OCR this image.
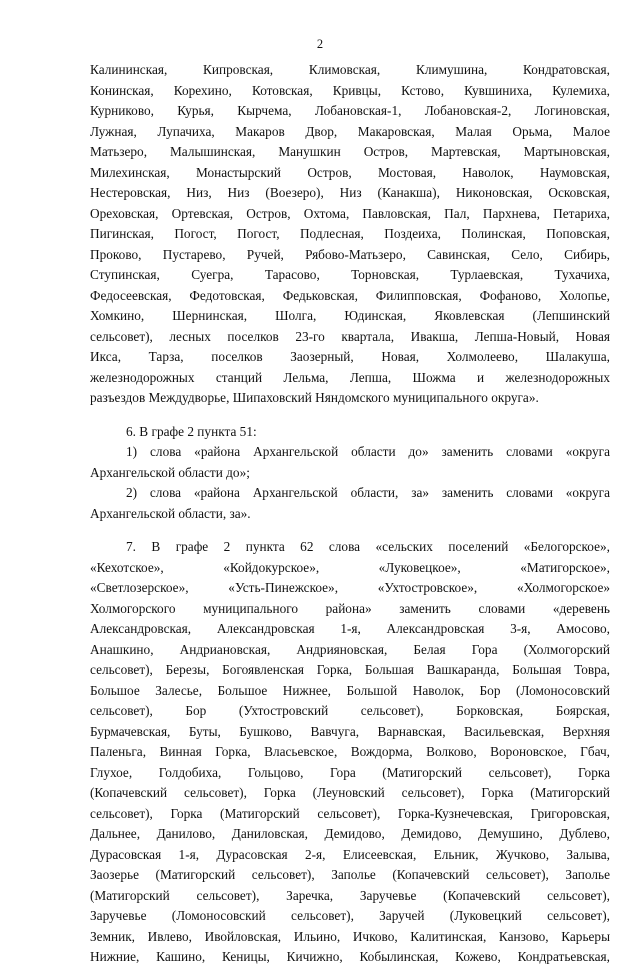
2
Калининская, Кипровская, Климовская, Климушина, Кондратовская,
Конинская, Корехино, Котовская, Кривцы, Кстово, Кувшиниха, Кулемиха,
Курниково, Курья, Кырчема, Лобановская-1, Лобановская-2, Логиновская,
Лужная, Лупачиха, Макаров Двор, Макаровская, Малая Орьма, Малое
Матьзеро, Малышинская, Манушкин Остров, Мартевская, Мартыновская,
Милехинская, Монастырский Остров, Мостовая, Наволок, Наумовская,
Нестеровская, Низ, Низ (Воезеро), Низ (Канакша), Никоновская, Осковская,
Ореховская, Ортевская, Остров, Охтома, Павловская, Пал, Пархнева, Петариха,
Пигинская, Погост, Погост, Подлесная, Поздеиха, Полинская, Поповская,
Проково, Пустарево, Ручей, Рябово-Матьзеро, Савинская, Село, Сибирь,
Ступинская, Суегра, Тарасово, Торновская, Турлаевская, Тухачиха,
Федосеевская, Федотовская, Федьковская, Филипповская, Фофаново, Холопье,
Хомкино, Шернинская, Шолга, Юдинская, Яковлевская (Лепшинский
сельсовет), лесных поселков 23-го квартала, Ивакша, Лепша-Новый, Новая
Икса, Тарза, поселков Заозерный, Новая, Холмолеево, Шалакуша,
железнодорожных станций Лельма, Лепша, Шожма и железнодорожных
разъездов Междудворье, Шипаховский Няндомского муниципального округа».
6. В графе 2 пункта 51:
1) слова «района Архангельской области до» заменить словами «округа
Архангельской области до»;
2) слова «района Архангельской области, за» заменить словами «округа
Архангельской области, за».
7. В графе 2 пункта 62 слова «сельских поселений «Белогорское»,
«Кехотское», «Койдокурское», «Луковецкое», «Матигорское»,
«Светлозерское», «Усть-Пинежское», «Ухтостровское», «Холмогорское»
Холмогорского муниципального района» заменить словами «деревень
Александровская, Александровская 1-я, Александровская 3-я, Амосово,
Анашкино, Андриановская, Андрияновская, Белая Гора (Холмогорский
сельсовет), Березы, Богоявленская Горка, Большая Вашкаранда, Большая Товра,
Большое Залесье, Большое Нижнее, Большой Наволок, Бор (Ломоносовский
сельсовет), Бор (Ухтостровский сельсовет), Борковская, Боярская,
Бурмачевская, Буты, Бушково, Вавчуга, Варнавская, Васильевская, Верхняя
Паленьга, Винная Горка, Власьевское, Вождорма, Волково, Вороновское, Гбач,
Глухое, Голдобиха, Гольцово, Гора (Матигорский сельсовет), Горка
(Копачевский сельсовет), Горка (Леуновский сельсовет), Горка (Матигорский
сельсовет), Горка (Матигорский сельсовет), Горка-Кузнечевская, Григоровская,
Дальнее, Данилово, Даниловская, Демидово, Демидово, Демушино, Дублево,
Дурасовская 1-я, Дурасовская 2-я, Елисеевская, Ельник, Жучково, Залыва,
Заозерье (Матигорский сельсовет), Заполье (Копачевский сельсовет), Заполье
(Матигорский сельсовет), Заречка, Заручевье (Копачевский сельсовет),
Заручевье (Ломоносовский сельсовет), Заручей (Луковецкий сельсовет),
Земник, Ивлево, Ивойловская, Ильино, Ичково, Калитинская, Канзово, Карьеры
Нижние, Кашино, Кеницы, Кичижно, Кобылинская, Кожево, Кондратьевская,
